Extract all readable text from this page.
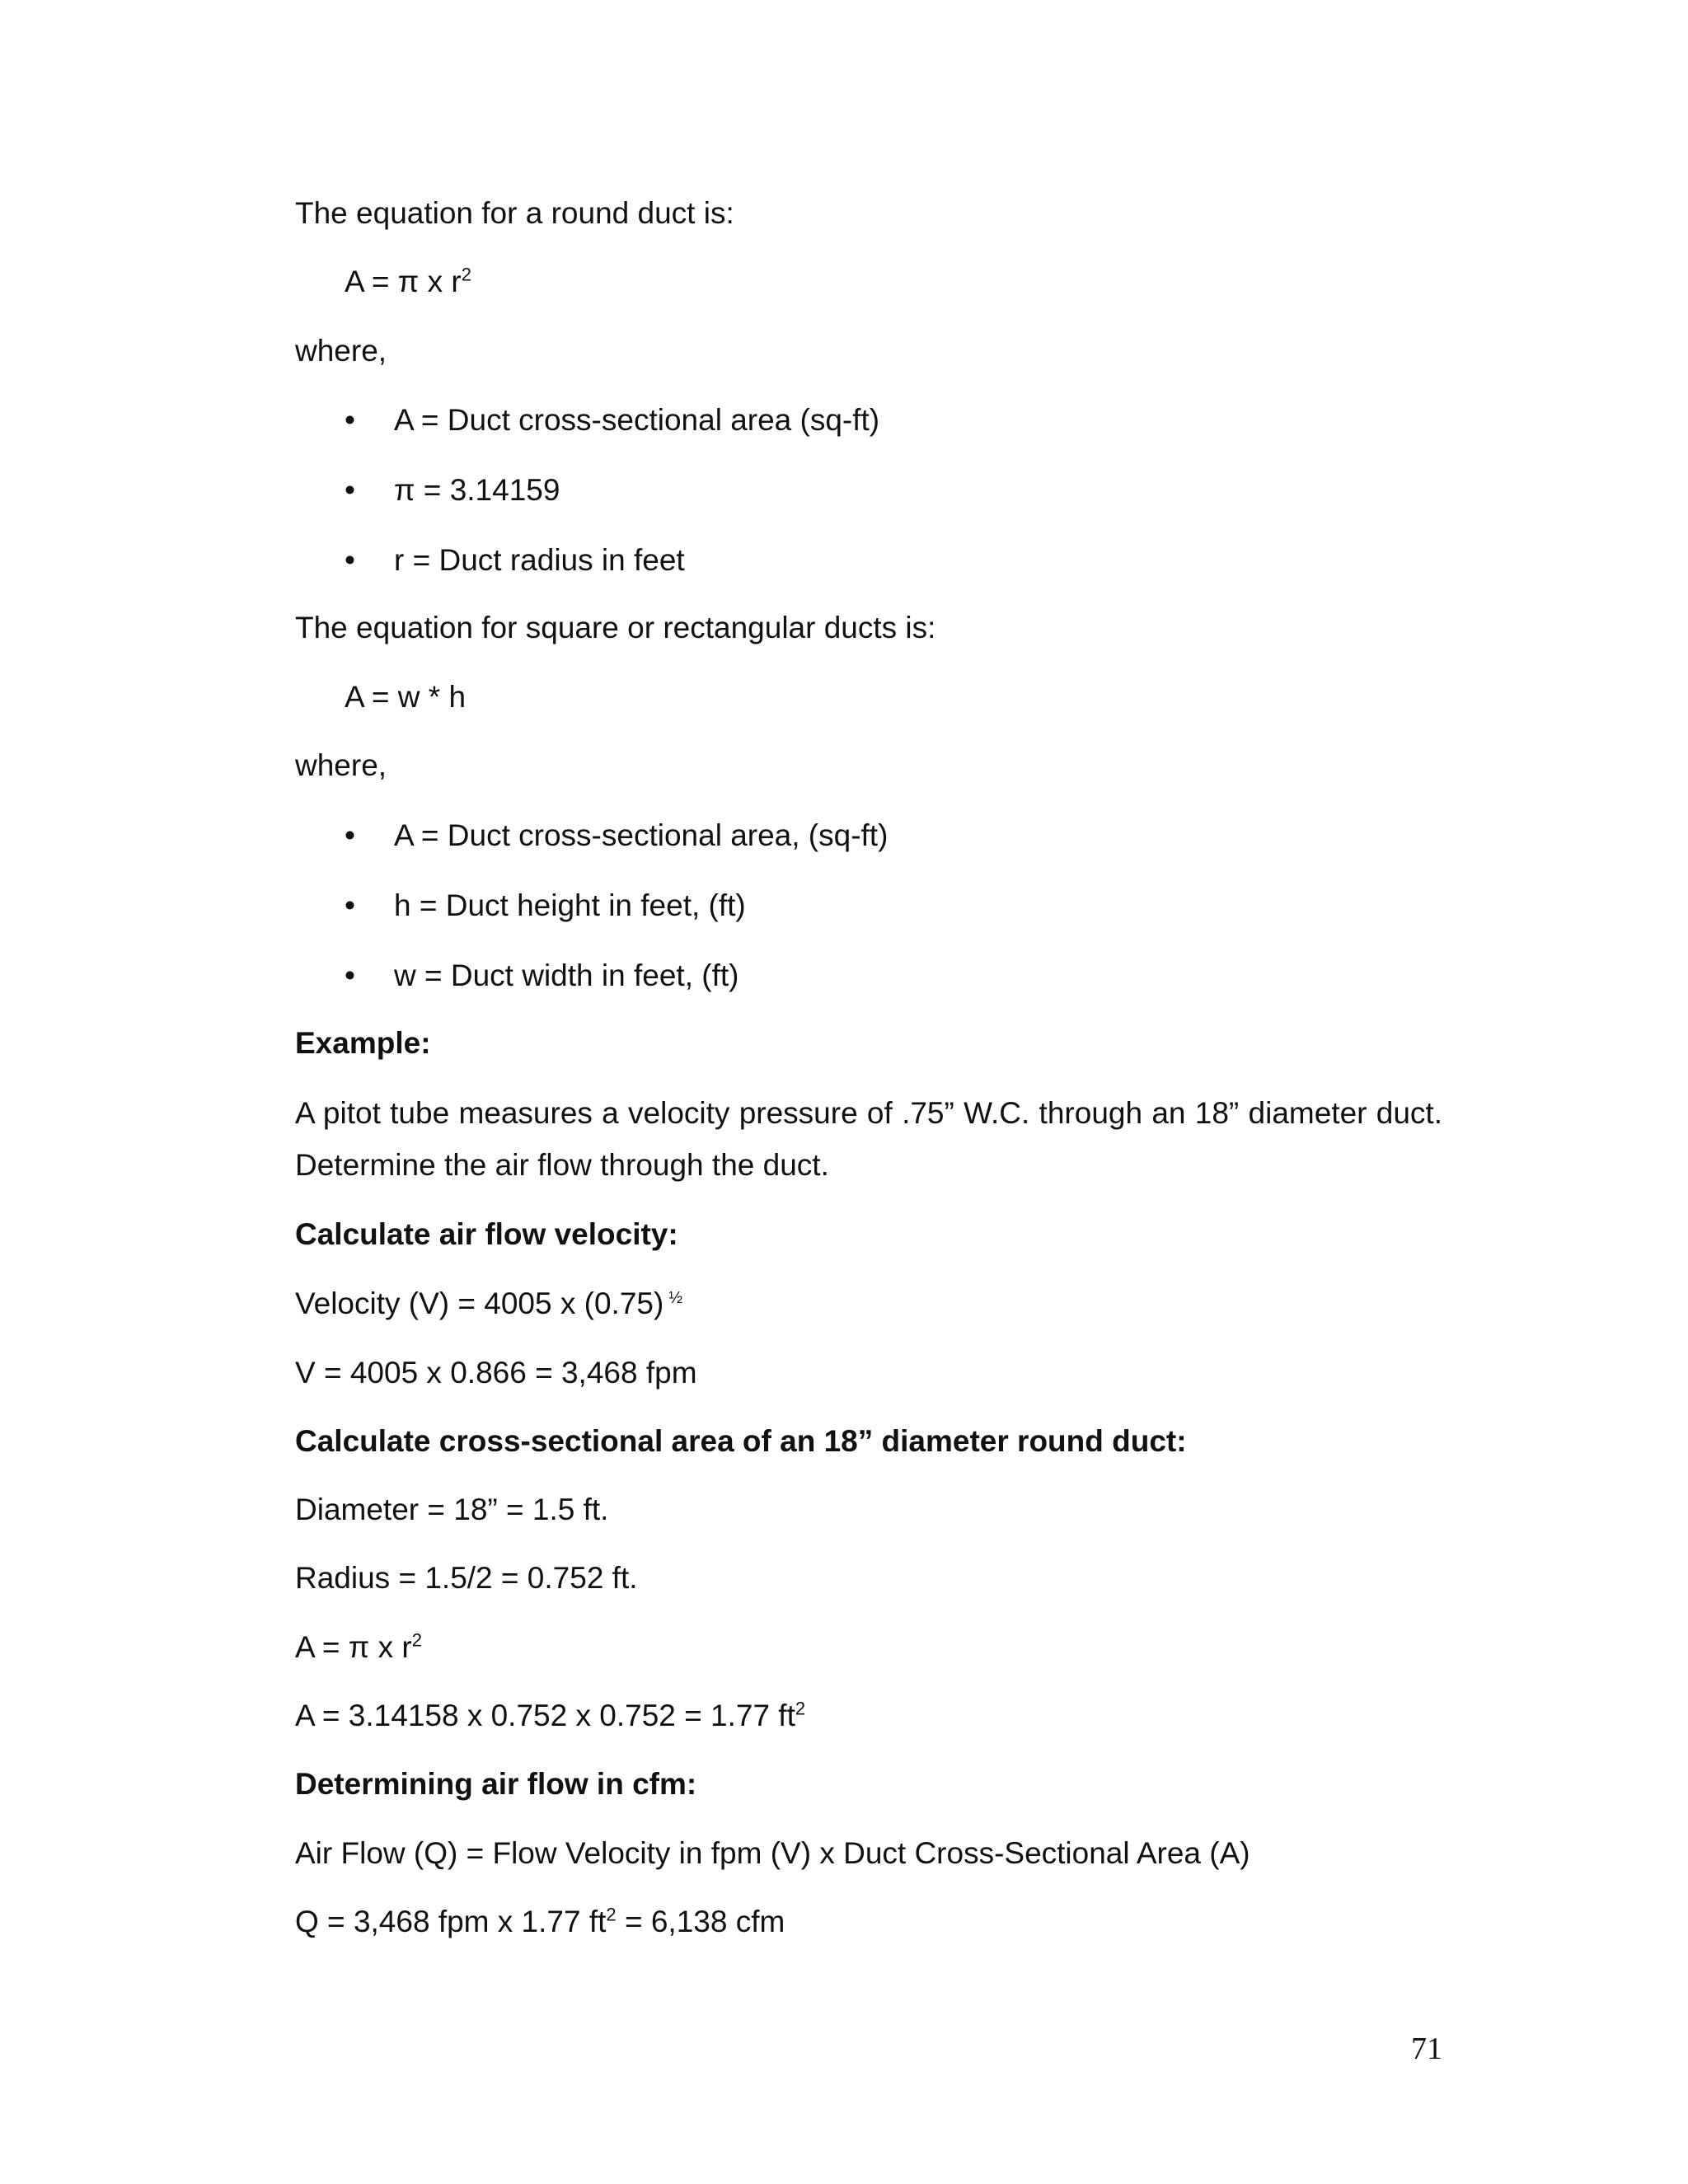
The equation for a round duct is:
A = π x $r^2$
where,
•	A = Duct cross-sectional area (sq-ft)
•	π = 3.14159
•	r = Duct radius in feet
The equation for square or rectangular ducts is:
A = w * h
where,
•	A = Duct cross-sectional area, (sq-ft)
•	h = Duct height in feet, (ft)
•	w = Duct width in feet, (ft)
Example:
A pitot tube measures a velocity pressure of .75” W.C. through an 18” diameter duct. Determine the air flow through the duct.
Calculate air flow velocity:
Velocity (V) = 4005 x (0.75) $^{\frac{1}{2}}$
V = 4005 x 0.866 = 3,468 fpm
Calculate cross-sectional area of an 18” diameter round duct:
Diameter = 18” = 1.5 ft.
Radius = 1.5/2 = 0.752 ft.
A = π x $r^2$
A = 3.14158 x 0.752 x 0.752 = 1.77 $ft^2$
Determining air flow in cfm:
Air Flow (Q) = Flow Velocity in fpm (V) x Duct Cross-Sectional Area (A)
Q = 3,468 fpm x 1.77 $ft^2 = 6,138$ cfm
71
